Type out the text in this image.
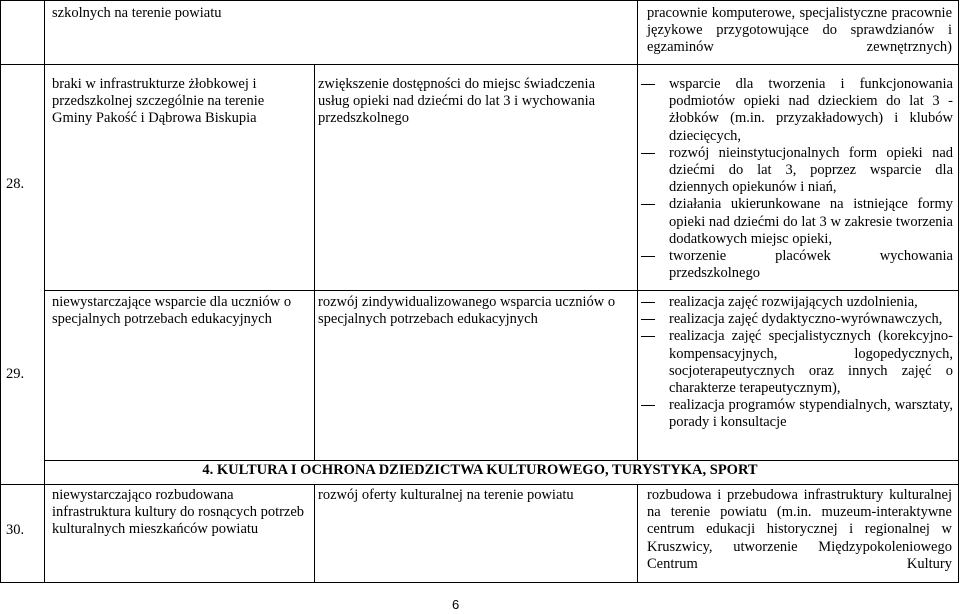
szkolnych na terenie powiatu	pracownie komputerowe, specjalistyczne pracownie językowe przygotowujące do sprawdzianów i egzaminów zewnętrznych)

28.

braki w infrastrukturze żłobkowej i przedszkolnej szczególnie na terenie Gminy Pakość i Dąbrowa Biskupia

zwiększenie dostępności do miejsc świadczenia usług opieki nad dziećmi do lat 3 i wychowania przedszkolnego

wsparcie dla tworzenia i funkcjonowania podmiotów opieki nad dzieckiem do lat 3 - żłobków (m.in. przyzakładowych) i klubów dziecięcych,
rozwój nieinstytucjonalnych form opieki nad dziećmi do lat 3, poprzez wsparcie dla dziennych opiekunów i niań,
działania ukierunkowane na istniejące formy opieki nad dziećmi do lat 3 w zakresie tworzenia dodatkowych miejsc opieki,
tworzenie placówek wychowania przedszkolnego
29.

niewystarczające wsparcie dla uczniów o specjalnych potrzebach edukacyjnych

rozwój zindywidualizowanego wsparcia uczniów o specjalnych potrzebach edukacyjnych

realizacja zajęć rozwijających uzdolnienia,
realizacja zajęć dydaktyczno-wyrównawczych,
realizacja zajęć specjalistycznych (korekcyjno-kompensacyjnych, logopedycznych, socjoterapeutycznych oraz innych zajęć o charakterze terapeutycznym),
realizacja programów stypendialnych, warsztaty, porady i konsultacje
4. KULTURA I OCHRONA DZIEDZICTWA KULTUROWEGO, TURYSTYKA, SPORT
30.

niewystarczająco rozbudowana infrastruktura kultury do rosnących potrzeb kulturalnych mieszkańców powiatu

rozwój oferty kulturalnej na terenie powiatu	rozbudowa i przebudowa infrastruktury kulturalnej na terenie powiatu (m.in. muzeum-interaktywne centrum edukacji historycznej i regionalnej w Kruszwicy, utworzenie Międzypokoleniowego Centrum Kultury

6
